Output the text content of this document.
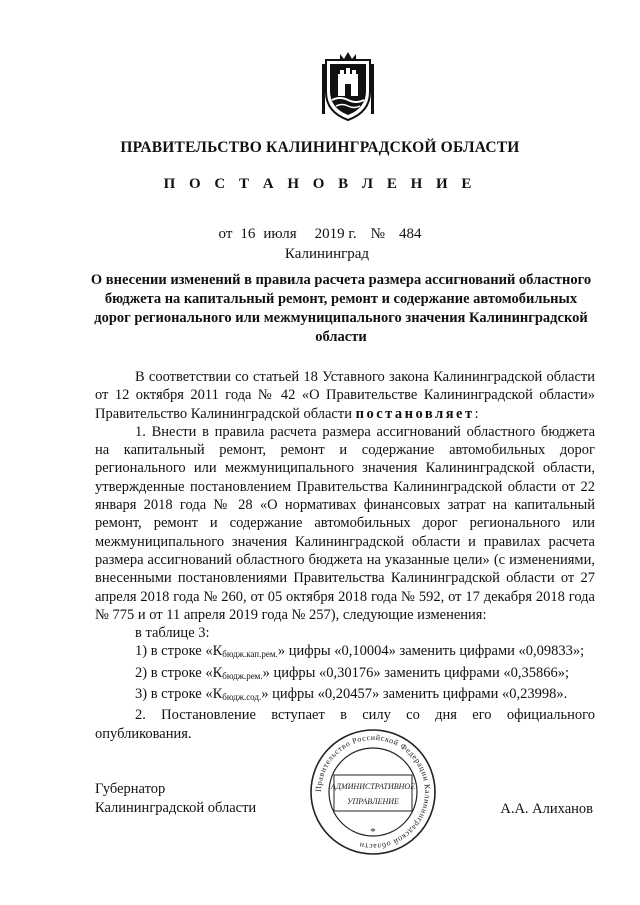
ПРАВИТЕЛЬСТВО КАЛИНИНГРАДСКОЙ ОБЛАСТИ
П О С Т А Н О В Л Е Н И Е
от 16 июля 2019 г. № 484
Калининград
О внесении изменений в правила расчета размера ассигнований областного бюджета на капитальный ремонт, ремонт и содержание автомобильных дорог регионального или межмуниципального значения Калининградской области

В соответствии со статьей 18 Уставного закона Калининградской области от 12 октября 2011 года № 42 «О Правительстве Калининградской области» Правительство Калининградской области постановляет:

1. Внести в правила расчета размера ассигнований областного бюджета на капитальный ремонт, ремонт и содержание автомобильных дорог регионального или межмуниципального значения Калининградской области, утвержденные постановлением Правительства Калининградской области от 22 января 2018 года № 28 «О нормативах финансовых затрат на капитальный ремонт, ремонт и содержание автомобильных дорог регионального или межмуниципального значения Калининградской области и правилах расчета размера ассигнований областного бюджета на указанные цели» (с изменениями, внесенными постановлениями Правительства Калининградской области от 27 апреля 2018 года № 260, от 05 октября 2018 года № 592, от 17 декабря 2018 года № 775 и от 11 апреля 2019 года № 257), следующие изменения:

в таблице 3:

1) в строке «$К_{бюдж.кап.рем.}$» цифры «0,10004» заменить цифрами «0,09833»;

2) в строке «$К_{бюдж.рем.}$» цифры «0,30176» заменить цифрами «0,35866»;

3) в строке «$К_{бюдж.сод.}$» цифры «0,20457» заменить цифрами «0,23998».

2. Постановление вступает в силу со дня его официального опубликования.

Губернатор
Калининградской области
Правительство Российской Федерации Калининградской области
АДМИНИСТРАТИВНОЕ
УПРАВЛЕНИЕ
*
А.А. Алиханов
